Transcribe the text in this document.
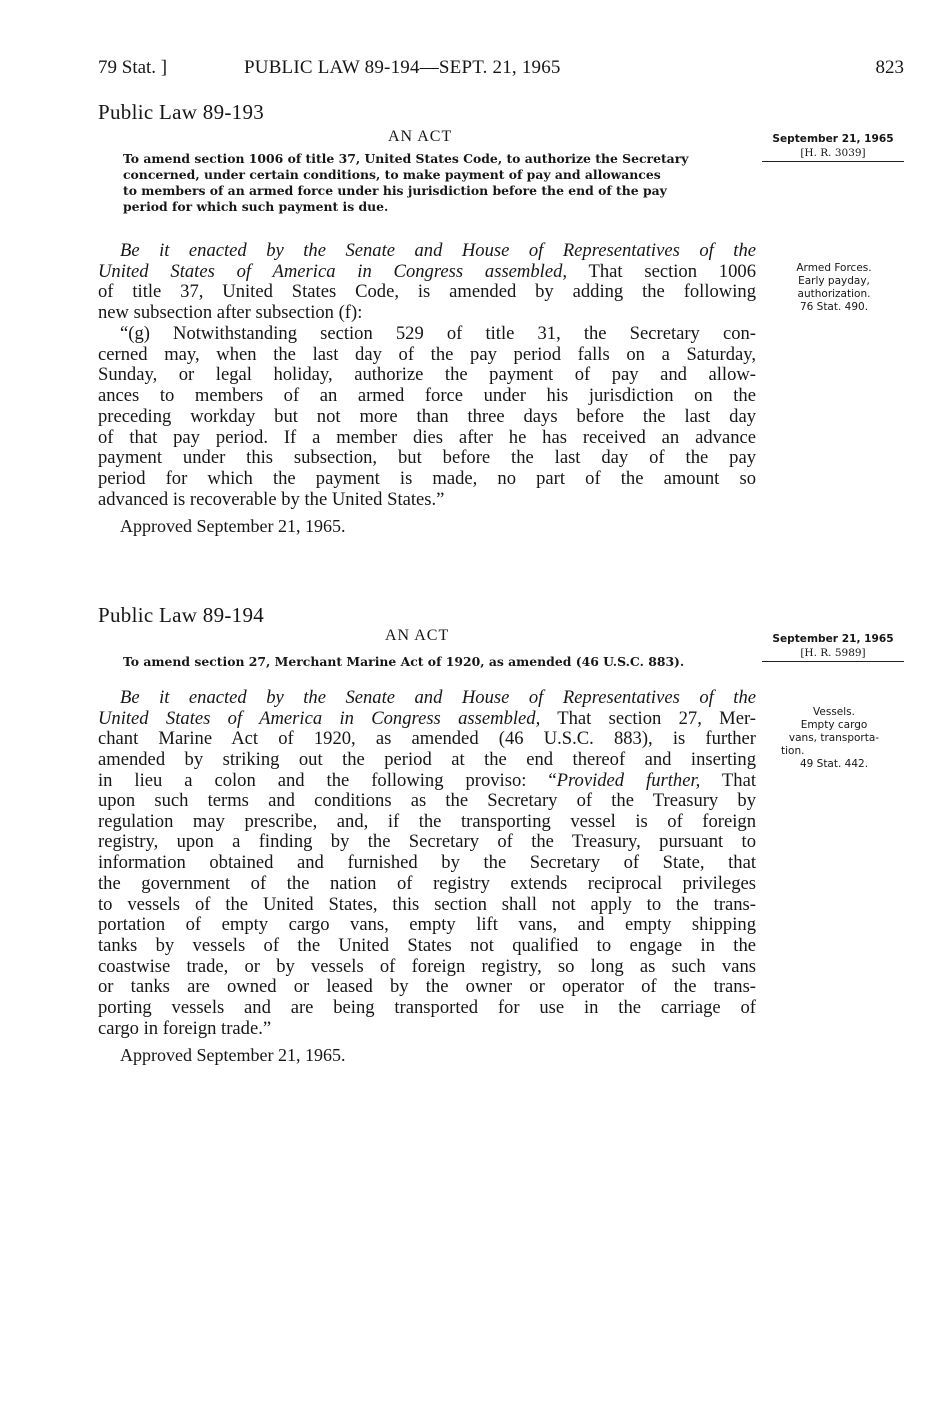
79 Stat. ]	PUBLIC LAW 89-194—SEPT. 21, 1965	823
Public Law 89-193
AN ACT	September 21, 1965
[H. R. 3039]
To amend section 1006 of title 37, United States Code, to authorize the Secretary
concerned, under certain conditions, to make payment of pay and allowances
to members of an armed force under his jurisdiction before the end of the pay
period for which such payment is due.
Armed Forces.
Early payday,
authorization.
76 Stat. 490.
Be it enacted by the Senate and House of Representatives of the
United States of America in Congress assembled, That section 1006
of title 37, United States Code, is amended by adding the following
new subsection after subsection (f):
“(g) Notwithstanding section 529 of title 31, the Secretary con-
cerned may, when the last day of the pay period falls on a Saturday,
Sunday, or legal holiday, authorize the payment of pay and allow-
ances to members of an armed force under his jurisdiction on the
preceding workday but not more than three days before the last day
of that pay period. If a member dies after he has received an advance
payment under this subsection, but before the last day of the pay
period for which the payment is made, no part of the amount so
advanced is recoverable by the United States.”
Approved September 21, 1965.
Public Law 89-194
AN ACT	September 21, 1965
[H. R. 5989]
To amend section 27, Merchant Marine Act of 1920, as amended (46 U.S.C. 883).
Vessels.
Empty cargo
vans, transporta-
tion.
49 Stat. 442.
Be it enacted by the Senate and House of Representatives of the
United States of America in Congress assembled, That section 27, Mer-
chant Marine Act of 1920, as amended (46 U.S.C. 883), is further
amended by striking out the period at the end thereof and inserting
in lieu a colon and the following proviso: “Provided further, That
upon such terms and conditions as the Secretary of the Treasury by
regulation may prescribe, and, if the transporting vessel is of foreign
registry, upon a finding by the Secretary of the Treasury, pursuant to
information obtained and furnished by the Secretary of State, that
the government of the nation of registry extends reciprocal privileges
to vessels of the United States, this section shall not apply to the trans-
portation of empty cargo vans, empty lift vans, and empty shipping
tanks by vessels of the United States not qualified to engage in the
coastwise trade, or by vessels of foreign registry, so long as such vans
or tanks are owned or leased by the owner or operator of the trans-
porting vessels and are being transported for use in the carriage of
cargo in foreign trade.”
Approved September 21, 1965.
